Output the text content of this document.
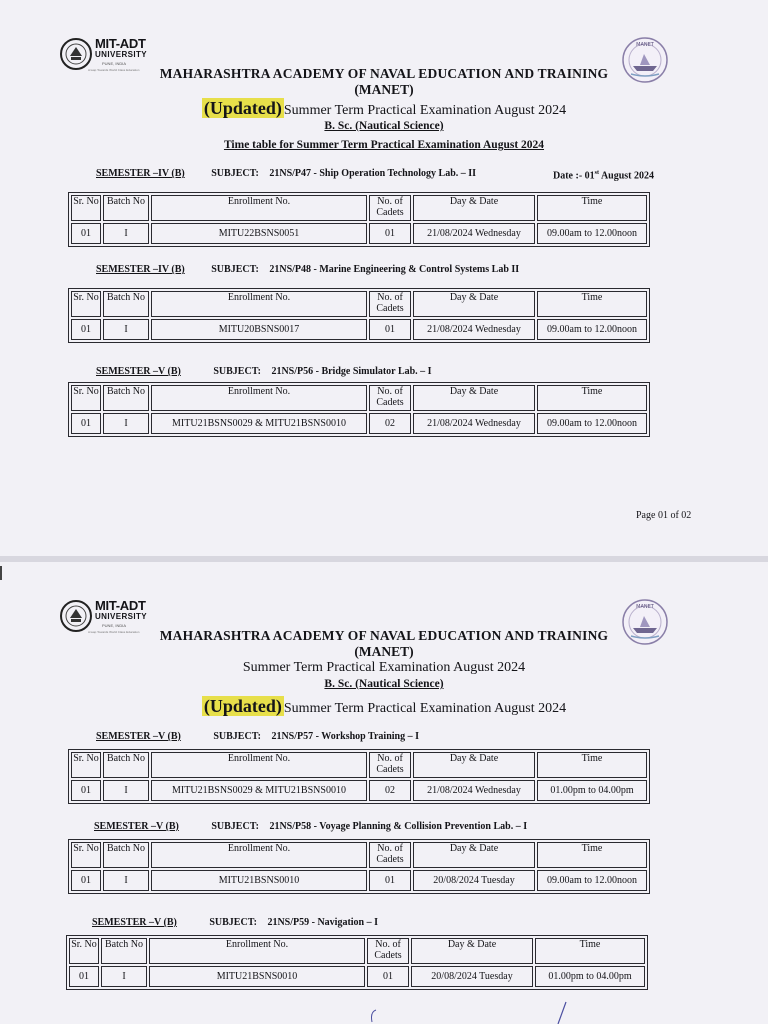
MIT-ADT
UNIVERSITY
PUNE, INDIA
A leap Towards World Class Education
MANET
MAHARASHTRA ACADEMY OF NAVAL EDUCATION AND TRAINING
(MANET)
(Updated) Summer Term Practical Examination August 2024
B. Sc. (Nautical Science)
Time table for Summer Term Practical Examination August 2024
SEMESTER –IV (B)	SUBJECT: 21NS/P47 - Ship Operation Technology Lab. – II	Date :- 01st August 2024
Sr. No	Batch No	Enrollment No.	No. of Cadets	Day & Date	Time
01	I	MITU22BSNS0051	01	21/08/2024 Wednesday	09.00am to 12.00noon
SEMESTER –IV (B)	SUBJECT: 21NS/P48 - Marine Engineering & Control Systems Lab II
Sr. No	Batch No	Enrollment No.	No. of Cadets	Day & Date	Time
01	I	MITU20BSNS0017	01	21/08/2024 Wednesday	09.00am to 12.00noon
SEMESTER –V (B)	SUBJECT: 21NS/P56 - Bridge Simulator Lab. – I
Sr. No	Batch No	Enrollment No.	No. of Cadets	Day & Date	Time
01	I	MITU21BSNS0029 & MITU21BSNS0010	02	21/08/2024 Wednesday	09.00am to 12.00noon
Page 01 of 02
MIT-ADT
UNIVERSITY
PUNE, INDIA
A leap Towards World Class Education
MANET
MAHARASHTRA ACADEMY OF NAVAL EDUCATION AND TRAINING
(MANET)
Summer Term Practical Examination August 2024
B. Sc. (Nautical Science)
(Updated) Summer Term Practical Examination August 2024
SEMESTER –V (B)	SUBJECT: 21NS/P57 - Workshop Training – I
Sr. No	Batch No	Enrollment No.	No. of Cadets	Day & Date	Time
01	I	MITU21BSNS0029 & MITU21BSNS0010	02	21/08/2024 Wednesday	01.00pm to 04.00pm
SEMESTER –V (B)	SUBJECT: 21NS/P58 - Voyage Planning & Collision Prevention Lab. – I
Sr. No	Batch No	Enrollment No.	No. of Cadets	Day & Date	Time
01	I	MITU21BSNS0010	01	20/08/2024 Tuesday	09.00am to 12.00noon
SEMESTER –V (B)	SUBJECT: 21NS/P59 - Navigation – I
Sr. No	Batch No	Enrollment No.	No. of Cadets	Day & Date	Time
01	I	MITU21BSNS0010	01	20/08/2024 Tuesday	01.00pm to 04.00pm
